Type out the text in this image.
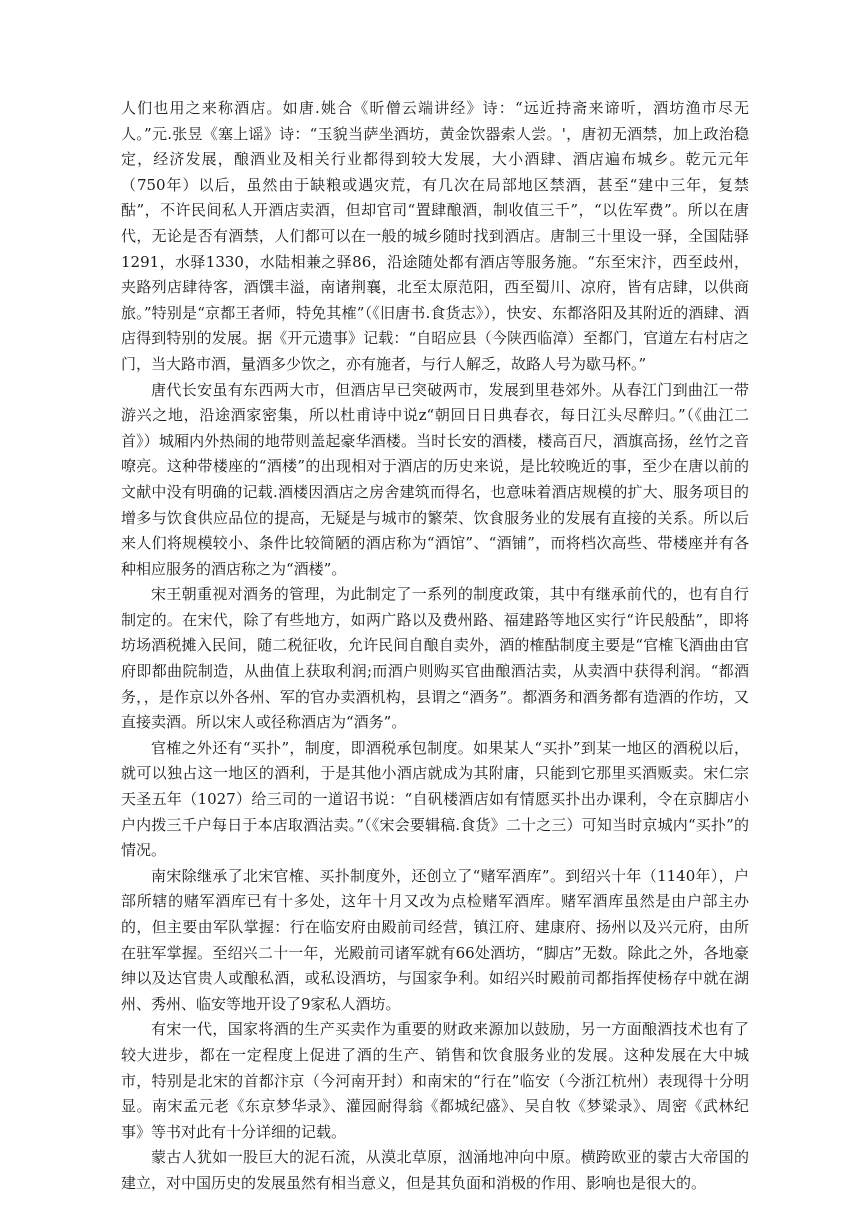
人们也用之来称酒店。如唐.姚合《昕僧云端讲经》诗：“远近持斋来谛听，酒坊渔市尽无人。”元.张昱《塞上谣》诗：“玉貌当萨坐酒坊，黄金饮器索人尝。'，唐初无酒禁，加上政治稳定，经济发展，酿酒业及相关行业都得到较大发展，大小酒肆、酒店遍布城乡。乾元元年（750年）以后，虽然由于缺粮或遇灾荒，有几次在局部地区禁酒，甚至“建中三年，复禁酤”，不许民间私人开酒店卖酒，但却官司“置肆酿酒，制收值三千”，“以佐军费”。所以在唐代，无论是否有酒禁，人们都可以在一般的城乡随时找到酒店。唐制三十里设一驿，全国陆驿1291，水驿1330，水陆相兼之驿86，沿途随处都有酒店等服务施。“东至宋汴，西至歧州，夹路列店肆待客，酒馔丰溢，南诸荆襄，北至太原范阳，西至蜀川、凉府，皆有店肆，以供商旅。”特别是“京都王者师，特免其榷”（《旧唐书.食货志》），快安、东都洛阳及其附近的酒肆、酒店得到特别的发展。据《开元遗事》记载：“自昭应县（今陕西临漳）至都门，官道左右村店之门，当大路市酒，量酒多少饮之，亦有施者，与行人解乏，故路人号为歇马杯。”

唐代长安虽有东西两大市，但酒店早已突破两市，发展到里巷郊外。从春江门到曲江一带游兴之地，沿途酒家密集，所以杜甫诗中说z“朝回日日典春衣，每日江头尽醉归。”（《曲江二首》）城厢内外热闹的地带则盖起豪华酒楼。当时长安的酒楼，楼高百尺，酒旗高扬，丝竹之音嘹亮。这种带楼座的“酒楼”的出现相对于酒店的历史来说，是比较晚近的事，至少在唐以前的文献中没有明确的记载.酒楼因酒店之房舍建筑而得名，也意味着酒店规模的扩大、服务项目的增多与饮食供应品位的提高，无疑是与城市的繁荣、饮食服务业的发展有直接的关系。所以后来人们将规模较小、条件比较简陋的酒店称为“酒馆”、“酒铺”，而将档次高些、带楼座并有各种相应服务的酒店称之为“酒楼”。

宋王朝重视对酒务的管理，为此制定了一系列的制度政策，其中有继承前代的，也有自行制定的。在宋代，除了有些地方，如两广路以及费州路、福建路等地区实行“许民般酤”，即将坊场酒税摊入民间，随二税征收，允许民间自酿自卖外，酒的榷酤制度主要是“官榷飞酒曲由官府即都曲院制造，从曲值上获取利润;而酒户则购买官曲酿酒沽卖，从卖酒中获得利润。“都酒务，，是作京以外各州、军的官办卖酒机构，县谓之“酒务”。都酒务和酒务都有造酒的作坊，又直接卖酒。所以宋人或径称酒店为“酒务”。

官榷之外还有“买扑”，制度，即酒税承包制度。如果某人“买扑”到某一地区的酒税以后，就可以独占这一地区的酒利，于是其他小酒店就成为其附庸，只能到它那里买酒贩卖。宋仁宗天圣五年（1027）给三司的一道诏书说：“自矾楼酒店如有情愿买扑出办课利，令在京脚店小户内拨三千户每日于本店取酒沽卖。”（《宋会要辑稿.食货》二十之三）可知当时京城内“买扑”的情况。

南宋除继承了北宋官榷、买扑制度外，还创立了“赌军酒库”。到绍兴十年（1140年），户部所辖的赌军酒库已有十多处，这年十月又改为点检赌军酒库。赌军酒库虽然是由户部主办的，但主要由军队掌握：行在临安府由殿前司经营，镇江府、建康府、扬州以及兴元府，由所在驻军掌握。至绍兴二十一年，光殿前司诸军就有66处酒坊，“脚店”无数。除此之外，各地豪绅以及达官贵人或酿私酒，或私设酒坊，与国家争利。如绍兴时殿前司都指挥使杨存中就在湖州、秀州、临安等地开设了9家私人酒坊。

有宋一代，国家将酒的生产买卖作为重要的财政来源加以鼓励，另一方面酿酒技术也有了较大进步，都在一定程度上促进了酒的生产、销售和饮食服务业的发展。这种发展在大中城市，特别是北宋的首都汴京（今河南开封）和南宋的“行在”临安（今浙江杭州）表现得十分明显。南宋孟元老《东京梦华录》、灌园耐得翁《都城纪盛》、吴自牧《梦粱录》、周密《武林纪事》等书对此有十分详细的记载。

蒙古人犹如一股巨大的泥石流，从漠北草原，汹涌地冲向中原。横跨欧亚的蒙古大帝国的建立，对中国历史的发展虽然有相当意义，但是其负面和消极的作用、影响也是很大的。
